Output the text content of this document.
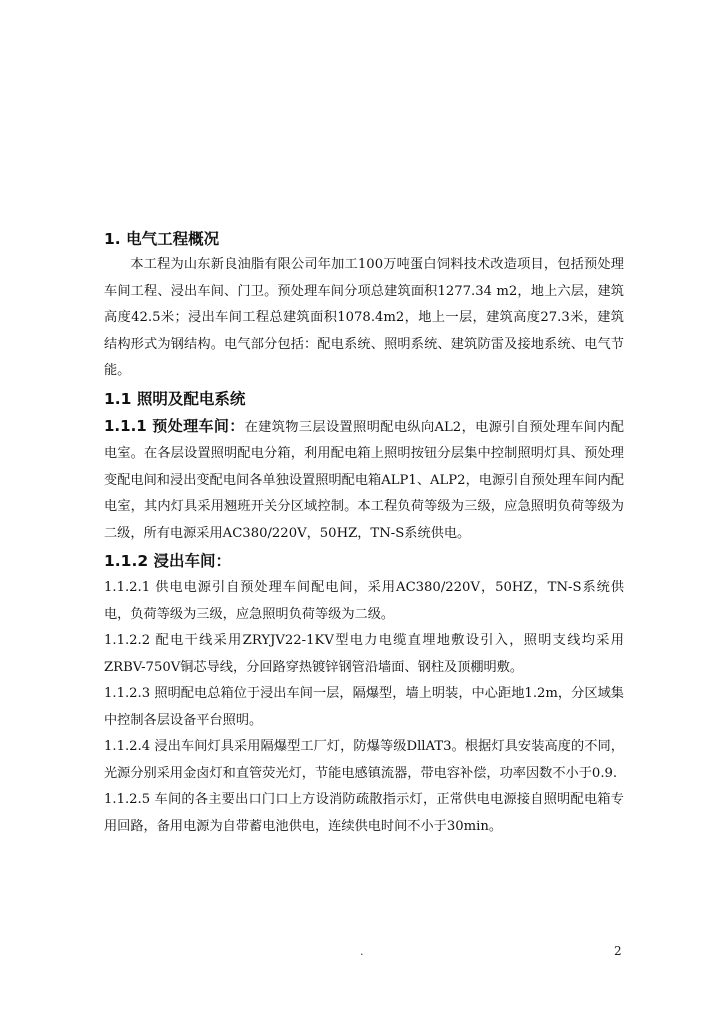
1. 电气工程概况

本工程为山东新良油脂有限公司年加工100万吨蛋白饲料技术改造项目，包括预处理车间工程、浸出车间、门卫。预处理车间分项总建筑面积1277.34 m2，地上六层，建筑高度42.5米；浸出车间工程总建筑面积1078.4m2，地上一层，建筑高度27.3米，建筑结构形式为钢结构。电气部分包括：配电系统、照明系统、建筑防雷及接地系统、电气节能。

1.1 照明及配电系统

1.1.1 预处理车间：在建筑物三层设置照明配电纵向AL2，电源引自预处理车间内配电室。在各层设置照明配电分箱，利用配电箱上照明按钮分层集中控制照明灯具、预处理变配电间和浸出变配电间各单独设置照明配电箱ALP1、ALP2，电源引自预处理车间内配电室，其内灯具采用翘班开关分区域控制。本工程负荷等级为三级，应急照明负荷等级为二级，所有电源采用AC380/220V，50HZ，TN-S系统供电。

1.1.2 浸出车间：

1.1.2.1 供电电源引自预处理车间配电间，采用AC380/220V，50HZ，TN-S系统供电，负荷等级为三级，应急照明负荷等级为二级。

1.1.2.2 配电干线采用ZRYJV22-1KV型电力电缆直埋地敷设引入，照明支线均采用ZRBV-750V铜芯导线，分回路穿热镀锌钢管沿墙面、钢柱及顶棚明敷。

1.1.2.3 照明配电总箱位于浸出车间一层，隔爆型，墙上明装，中心距地1.2m，分区域集中控制各层设备平台照明。

1.1.2.4 浸出车间灯具采用隔爆型工厂灯，防爆等级DllAT3。根据灯具安装高度的不同，光源分别采用金卤灯和直管荧光灯，节能电感镇流器，带电容补偿，功率因数不小于0.9.

1.1.2.5 车间的各主要出口门口上方设消防疏散指示灯，正常供电电源接自照明配电箱专用回路，备用电源为自带蓄电池供电，连续供电时间不小于30min。

.	2
